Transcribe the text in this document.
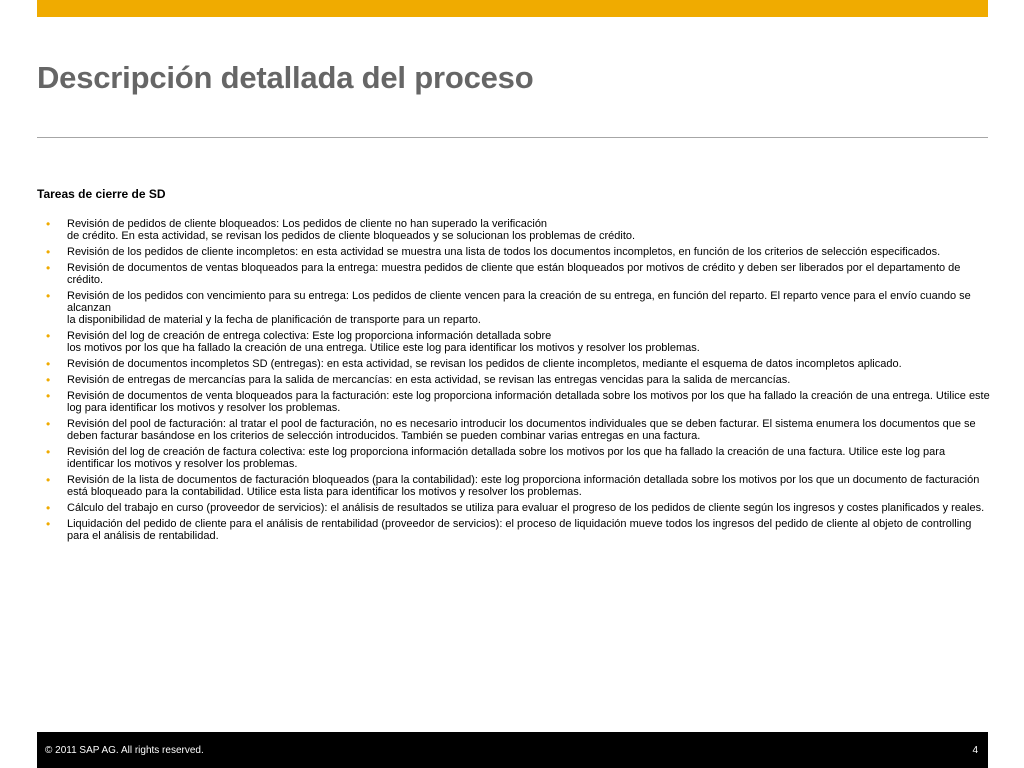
Descripción detallada del proceso

Tareas de cierre de SD

• Revisión de pedidos de cliente bloqueados: Los pedidos de cliente no han superado la verificación
de crédito. En esta actividad, se revisan los pedidos de cliente bloqueados y se solucionan los problemas de crédito.
• Revisión de los pedidos de cliente incompletos: en esta actividad se muestra una lista de todos los documentos incompletos, en función de los criterios de selección especificados.
• Revisión de documentos de ventas bloqueados para la entrega: muestra pedidos de cliente que están bloqueados por motivos de crédito y deben ser liberados por el departamento de crédito.
• Revisión de los pedidos con vencimiento para su entrega: Los pedidos de cliente vencen para la creación de su entrega, en función del reparto. El reparto vence para el envío cuando se alcanzan
la disponibilidad de material y la fecha de planificación de transporte para un reparto.
• Revisión del log de creación de entrega colectiva: Este log proporciona información detallada sobre
los motivos por los que ha fallado la creación de una entrega. Utilice este log para identificar los motivos y resolver los problemas.
• Revisión de documentos incompletos SD (entregas): en esta actividad, se revisan los pedidos de cliente incompletos, mediante el esquema de datos incompletos aplicado.
• Revisión de entregas de mercancías para la salida de mercancías: en esta actividad, se revisan las entregas vencidas para la salida de mercancías.
• Revisión de documentos de venta bloqueados para la facturación: este log proporciona información detallada sobre los motivos por los que ha fallado la creación de una entrega. Utilice este log para identificar los motivos y resolver los problemas.
• Revisión del pool de facturación: al tratar el pool de facturación, no es necesario introducir los documentos individuales que se deben facturar. El sistema enumera los documentos que se deben facturar basándose en los criterios de selección introducidos. También se pueden combinar varias entregas en una factura.
• Revisión del log de creación de factura colectiva: este log proporciona información detallada sobre los motivos por los que ha fallado la creación de una factura. Utilice este log para identificar los motivos y resolver los problemas.
• Revisión de la lista de documentos de facturación bloqueados (para la contabilidad): este log proporciona información detallada sobre los motivos por los que un documento de facturación está bloqueado para la contabilidad. Utilice esta lista para identificar los motivos y resolver los problemas.
• Cálculo del trabajo en curso (proveedor de servicios): el análisis de resultados se utiliza para evaluar el progreso de los pedidos de cliente según los ingresos y costes planificados y reales.
• Liquidación del pedido de cliente para el análisis de rentabilidad (proveedor de servicios): el proceso de liquidación mueve todos los ingresos del pedido de cliente al objeto de controlling para el análisis de rentabilidad.
© 2011 SAP AG. All rights reserved.	4
